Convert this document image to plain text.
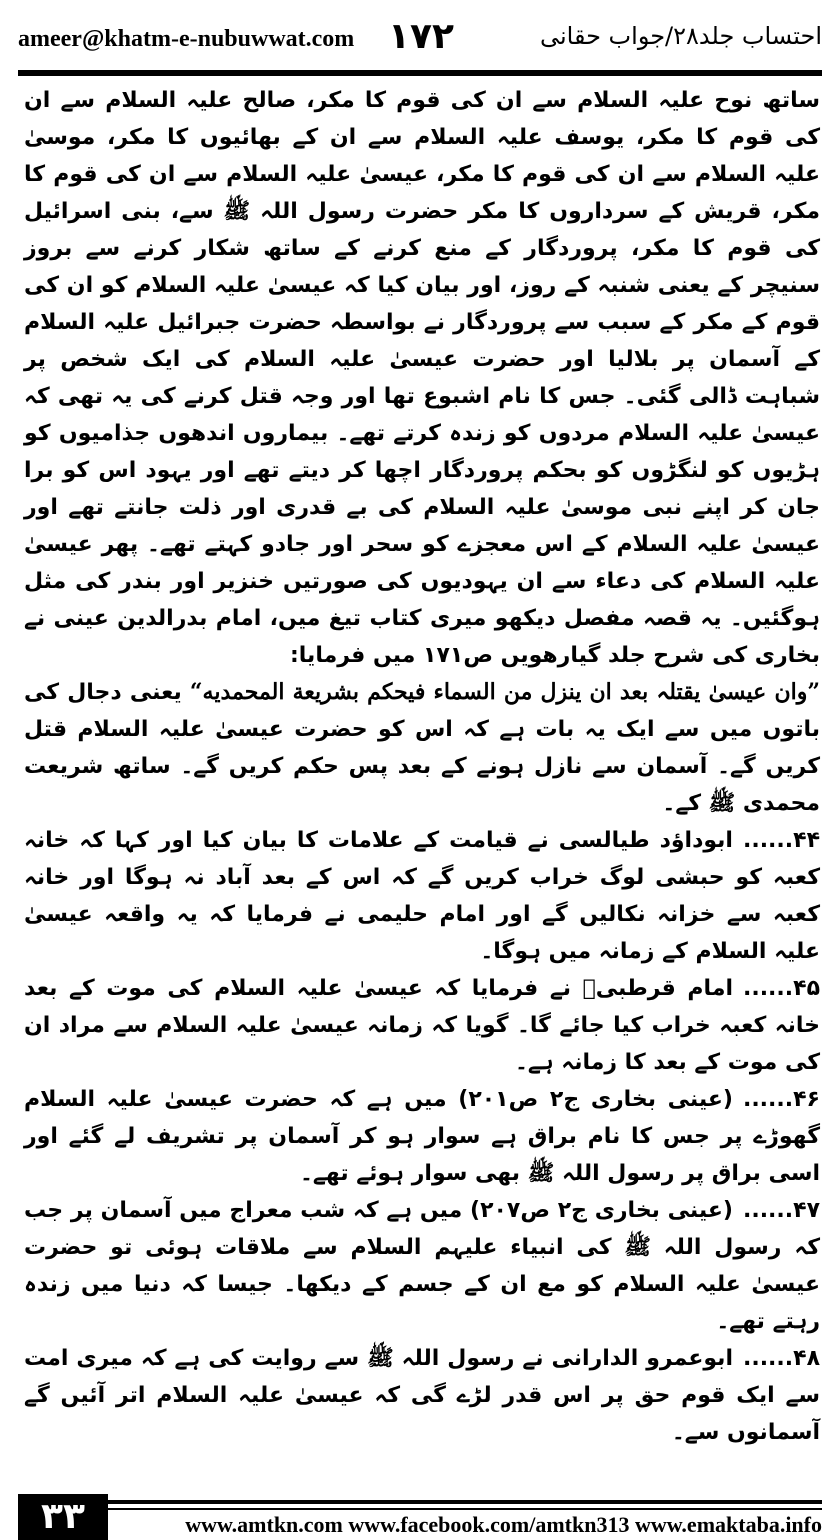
ameer@khatm-e-nubuwwat.com ۱۷۲	احتساب جلد۲۸/جواب حقانی

ساتھ نوح علیہ السلام سے ان کی قوم کا مکر، صالح علیہ السلام سے ان کی قوم کا مکر، یوسف علیہ السلام سے ان کے بھائیوں کا مکر، موسیٰ علیہ السلام سے ان کی قوم کا مکر، عیسیٰ علیہ السلام سے ان کی قوم کا مکر، قریش کے سرداروں کا مکر حضرت رسول اللہ ﷺ سے، بنی اسرائیل کی قوم کا مکر، پروردگار کے منع کرنے کے ساتھ شکار کرنے سے بروز سنیچر کے یعنی شنبہ کے روز، اور بیان کیا کہ عیسیٰ علیہ السلام کو ان کی قوم کے مکر کے سبب سے پروردگار نے بواسطہ حضرت جبرائیل علیہ السلام کے آسمان پر بلالیا اور حضرت عیسیٰ علیہ السلام کی ایک شخص پر شباہت ڈالی گئی۔ جس کا نام اشبوع تھا اور وجہ قتل کرنے کی یہ تھی کہ عیسیٰ علیہ السلام مردوں کو زندہ کرتے تھے۔ بیماروں اندھوں جذامیوں کو ہڑیوں کو لنگڑوں کو بحکم پروردگار اچھا کر دیتے تھے اور یہود اس کو برا جان کر اپنے نبی موسیٰ علیہ السلام کی بے قدری اور ذلت جانتے تھے اور عیسیٰ علیہ السلام کے اس معجزے کو سحر اور جادو کہتے تھے۔ پھر عیسیٰ علیہ السلام کی دعاء سے ان یہودیوں کی صورتیں خنزیر اور بندر کی مثل ہوگئیں۔ یہ قصہ مفصل دیکھو میری کتاب تیغ میں، امام بدرالدین عینی نے بخاری کی شرح جلد گیارھویں ص۱۷۱ میں فرمایا:

”وان عیسیٰ یقتلہ بعد ان ینزل من السماء فیحکم بشریعة المحمدیه“ یعنی دجال کی باتوں میں سے ایک یہ بات ہے کہ اس کو حضرت عیسیٰ علیہ السلام قتل کریں گے۔ آسمان سے نازل ہونے کے بعد پس حکم کریں گے۔ ساتھ شریعت محمدی ﷺ کے۔

۴۴......ابوداؤد طیالسی نے قیامت کے علامات کا بیان کیا اور کہا کہ خانہ کعبہ کو حبشی لوگ خراب کریں گے کہ اس کے بعد آباد نہ ہوگا اور خانہ کعبہ سے خزانہ نکالیں گے اور امام حلیمی نے فرمایا کہ یہ واقعہ عیسیٰ علیہ السلام کے زمانہ میں ہوگا۔

۴۵......امام قرطبیؒ نے فرمایا کہ عیسیٰ علیہ السلام کی موت کے بعد خانہ کعبہ خراب کیا جائے گا۔ گویا کہ زمانہ عیسیٰ علیہ السلام سے مراد ان کی موت کے بعد کا زمانہ ہے۔

۴۶......(عینی بخاری ج۲ ص۲۰۱) میں ہے کہ حضرت عیسیٰ علیہ السلام گھوڑے پر جس کا نام براق ہے سوار ہو کر آسمان پر تشریف لے گئے اور اسی براق پر رسول اللہ ﷺ بھی سوار ہوئے تھے۔

۴۷......(عینی بخاری ج۲ ص۲۰۷) میں ہے کہ شب معراج میں آسمان پر جب کہ رسول اللہ ﷺ کی انبیاء علیہم السلام سے ملاقات ہوئی تو حضرت عیسیٰ علیہ السلام کو مع ان کے جسم کے دیکھا۔ جیسا کہ دنیا میں زندہ رہتے تھے۔

۴۸......ابوعمرو الدارانی نے رسول اللہ ﷺ سے روایت کی ہے کہ میری امت سے ایک قوم حق پر اس قدر لڑے گی کہ عیسیٰ علیہ السلام اتر آئیں گے آسمانوں سے۔

۳۳	www.amtkn.com www.facebook.com/amtkn313 www.emaktaba.info
